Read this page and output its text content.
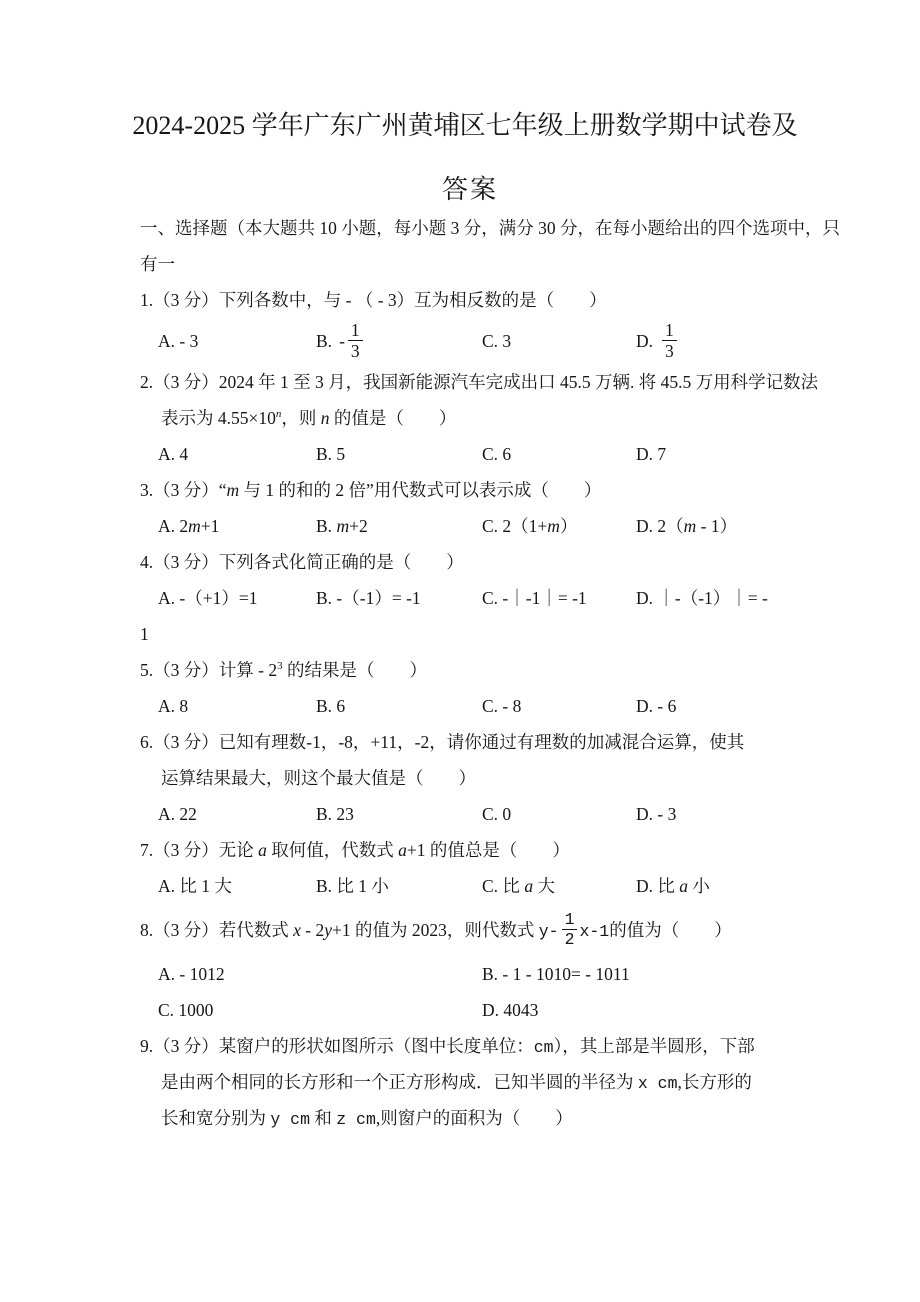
2024-2025 学年广东广州黄埔区七年级上册数学期中试卷及
答案
一、选择题（本大题共 10 小题，每小题 3 分，满分 30 分，在每小题给出的四个选项中，只
有一
1.（3 分）下列各数中，与 - （ - 3）互为相反数的是（　　）
A. - 3	B. - $\frac{1}{3}$	C. 3	D. $\frac{1}{3}$
2.（3 分）2024 年 1 至 3 月，我国新能源汽车完成出口 45.5 万辆. 将 45.5 万用科学记数法
表示为 $4.55\times 10^n$，则 n 的值是（　　）
A. 4	B. 5	C. 6	D. 7
3.（3 分）“m 与 1 的和的 2 倍”用代数式可以表示成（　　）
A. 2m+1	B. m+2	C. 2（1+m）	D. 2（m - 1）
4.（3 分）下列各式化简正确的是（　　）
A. -（+1）=1	B. -（-1）= -1	C. -｜-1｜= -1	D. ｜-（-1）｜= -
1
5.（3 分）计算 - $2^3$ 的结果是（　　）
A. 8	B. 6	C. - 8	D. - 6
6.（3 分）已知有理数-1，-8，+11，-2，请你通过有理数的加减混合运算，使其
运算结果最大，则这个最大值是（　　）
A. 22	B. 23	C. 0	D. - 3
7.（3 分）无论 a 取何值，代数式 a+1 的值总是（　　）
A. 比 1 大	B. 比 1 小	C. 比 a 大	D. 比 a 小
8.（3 分）若代数式 x - 2y+1 的值为 2023，则代数式 $y- \frac{1}{2} x-1$的值为（　　）
A. - 1012	B. - 1 - 1010= - 1011
C. 1000	D. 4043
9.（3 分）某窗户的形状如图所示（图中长度单位：cm），其上部是半圆形，下部
是由两个相同的长方形和一个正方形构成．已知半圆的半径为 x cm,长方形的
长和宽分别为 y cm 和 z cm,则窗户的面积为（　　）
